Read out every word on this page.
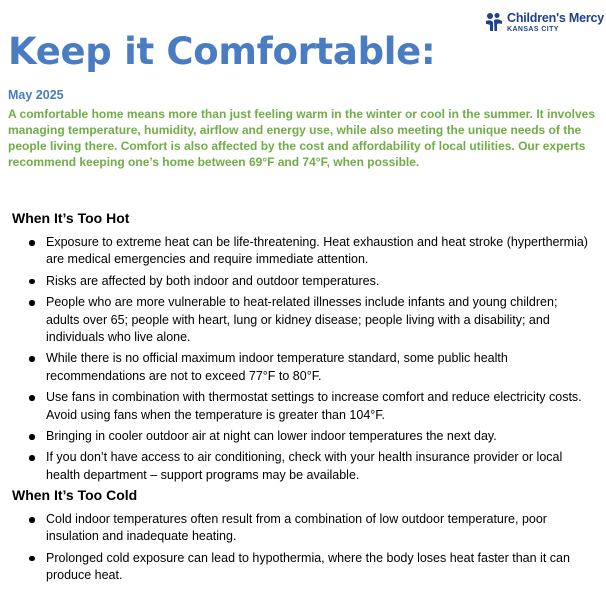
Children's Mercy
KANSAS CITY
Keep it Comfortable:
May 2025

A comfortable home means more than just feeling warm in the winter or cool in the summer. It involves managing temperature, humidity, airflow and energy use, while also meeting the unique needs of the people living there. Comfort is also affected by the cost and affordability of local utilities. Our experts recommend keeping one’s home between 69°F and 74°F, when possible.

When It’s Too Hot
Exposure to extreme heat can be life-threatening. Heat exhaustion and heat stroke (hyperthermia) are medical emergencies and require immediate attention.
Risks are affected by both indoor and outdoor temperatures.
People who are more vulnerable to heat-related illnesses include infants and young children; adults over 65; people with heart, lung or kidney disease; people living with a disability; and individuals who live alone.
While there is no official maximum indoor temperature standard, some public health recommendations are not to exceed 77°F to 80°F.
Use fans in combination with thermostat settings to increase comfort and reduce electricity costs. Avoid using fans when the temperature is greater than 104°F.
Bringing in cooler outdoor air at night can lower indoor temperatures the next day.
If you don’t have access to air conditioning, check with your health insurance provider or local health department – support programs may be available.
When It’s Too Cold
Cold indoor temperatures often result from a combination of low outdoor temperature, poor insulation and inadequate heating.
Prolonged cold exposure can lead to hypothermia, where the body loses heat faster than it can produce heat.
